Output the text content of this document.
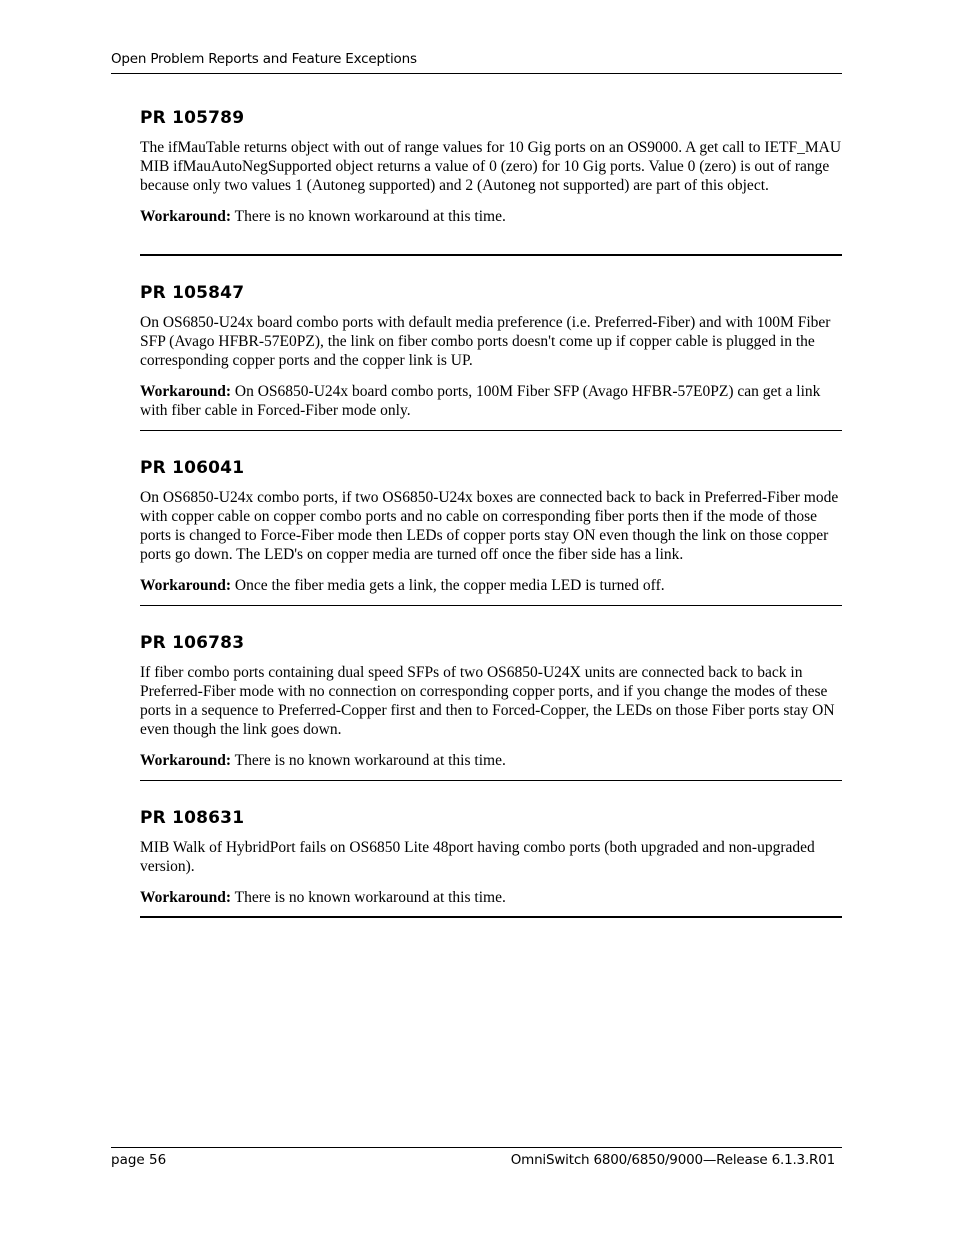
Open Problem Reports and Feature Exceptions
PR 105789

The ifMauTable returns object with out of range values for 10 Gig ports on an OS9000. A get call to IETF_MAU MIB ifMauAutoNegSupported object returns a value of 0 (zero) for 10 Gig ports. Value 0 (zero) is out of range because only two values 1 (Autoneg supported) and 2 (Autoneg not supported) are part of this object.

Workaround: There is no known workaround at this time.

PR 105847

On OS6850-U24x board combo ports with default media preference (i.e. Preferred-Fiber) and with 100M Fiber SFP (Avago HFBR-57E0PZ), the link on fiber combo ports doesn't come up if copper cable is plugged in the corresponding copper ports and the copper link is UP.

Workaround: On OS6850-U24x board combo ports, 100M Fiber SFP (Avago HFBR-57E0PZ) can get a link with fiber cable in Forced-Fiber mode only.

PR 106041

On OS6850-U24x combo ports, if two OS6850-U24x boxes are connected back to back in Preferred-Fiber mode with copper cable on copper combo ports and no cable on corresponding fiber ports then if the mode of those ports is changed to Force-Fiber mode then LEDs of copper ports stay ON even though the link on those copper ports go down. The LED's on copper media are turned off once the fiber side has a link.

Workaround: Once the fiber media gets a link, the copper media LED is turned off.

PR 106783

If fiber combo ports containing dual speed SFPs of two OS6850-U24X units are connected back to back in Preferred-Fiber mode with no connection on corresponding copper ports, and if you change the modes of these ports in a sequence to Preferred-Copper first and then to Forced-Copper, the LEDs on those Fiber ports stay ON even though the link goes down.

Workaround: There is no known workaround at this time.

PR 108631

MIB Walk of HybridPort fails on OS6850 Lite 48port having combo ports (both upgraded and non-upgraded version).

Workaround: There is no known workaround at this time.

page 56	OmniSwitch 6800/6850/9000—Release 6.1.3.R01
